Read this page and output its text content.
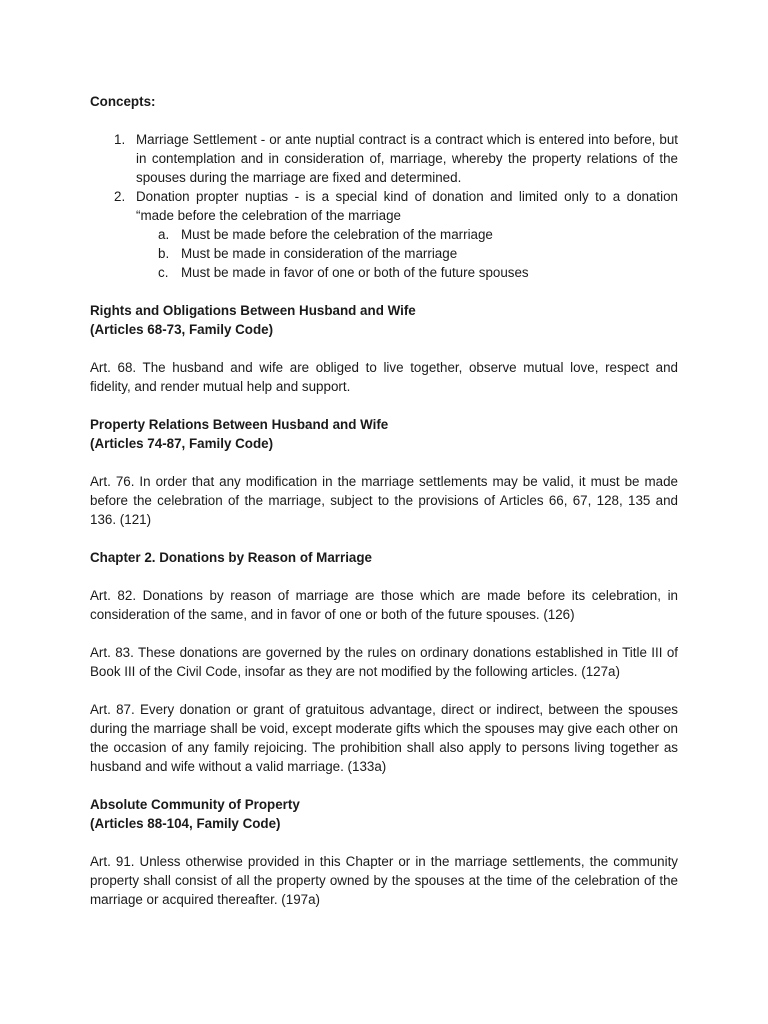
Concepts:

1. Marriage Settlement - or ante nuptial contract is a contract which is entered into before, but in contemplation and in consideration of, marriage, whereby the property relations of the spouses during the marriage are fixed and determined.
2. Donation propter nuptias - is a special kind of donation and limited only to a donation “made before the celebration of the marriage
a. Must be made before the celebration of the marriage
b. Must be made in consideration of the marriage
c. Must be made in favor of one or both of the future spouses

Rights and Obligations Between Husband and Wife

(Articles 68-73, Family Code)

Art. 68. The husband and wife are obliged to live together, observe mutual love, respect and fidelity, and render mutual help and support.

Property Relations Between Husband and Wife

(Articles 74-87, Family Code)

Art. 76. In order that any modification in the marriage settlements may be valid, it must be made before the celebration of the marriage, subject to the provisions of Articles 66, 67, 128, 135 and 136. (121)

Chapter 2. Donations by Reason of Marriage

Art. 82. Donations by reason of marriage are those which are made before its celebration, in consideration of the same, and in favor of one or both of the future spouses. (126)

Art. 83. These donations are governed by the rules on ordinary donations established in Title III of Book III of the Civil Code, insofar as they are not modified by the following articles. (127a)

Art. 87. Every donation or grant of gratuitous advantage, direct or indirect, between the spouses during the marriage shall be void, except moderate gifts which the spouses may give each other on the occasion of any family rejoicing. The prohibition shall also apply to persons living together as husband and wife without a valid marriage. (133a)

Absolute Community of Property

(Articles 88-104, Family Code)

Art. 91. Unless otherwise provided in this Chapter or in the marriage settlements, the community property shall consist of all the property owned by the spouses at the time of the celebration of the marriage or acquired thereafter. (197a)
